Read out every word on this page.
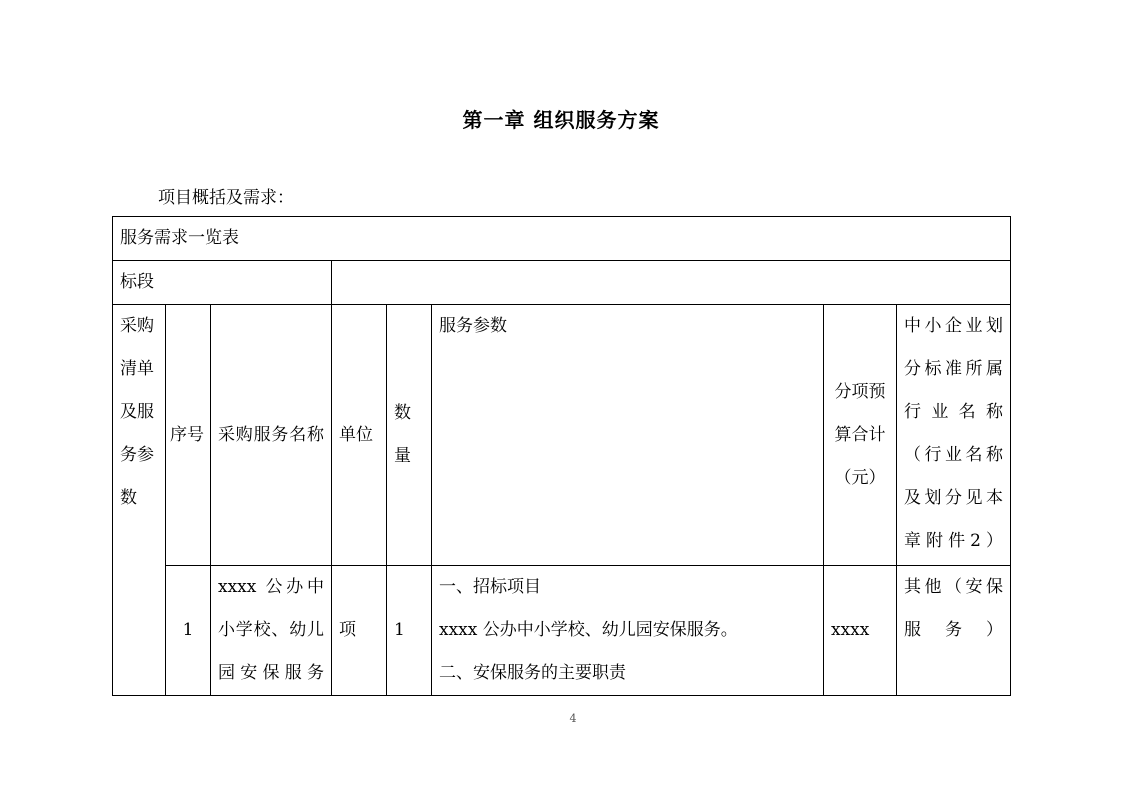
第一章 组织服务方案
项目概括及需求：
服务需求一览表							
标段							
采购清单及服务参数	序号	采购服务名称	单位	数量	服务参数	分项预算合计（元）	中小企业划分标准所属行业名称（行业名称及划分见本章附件2）
	1	xxxx 公办中小学校、幼儿园安保服务	项	1	一、招标项目
xxxx 公办中小学校、幼儿园安保服务。
二、安保服务的主要职责	xxxx	其他（安保服务）
4
